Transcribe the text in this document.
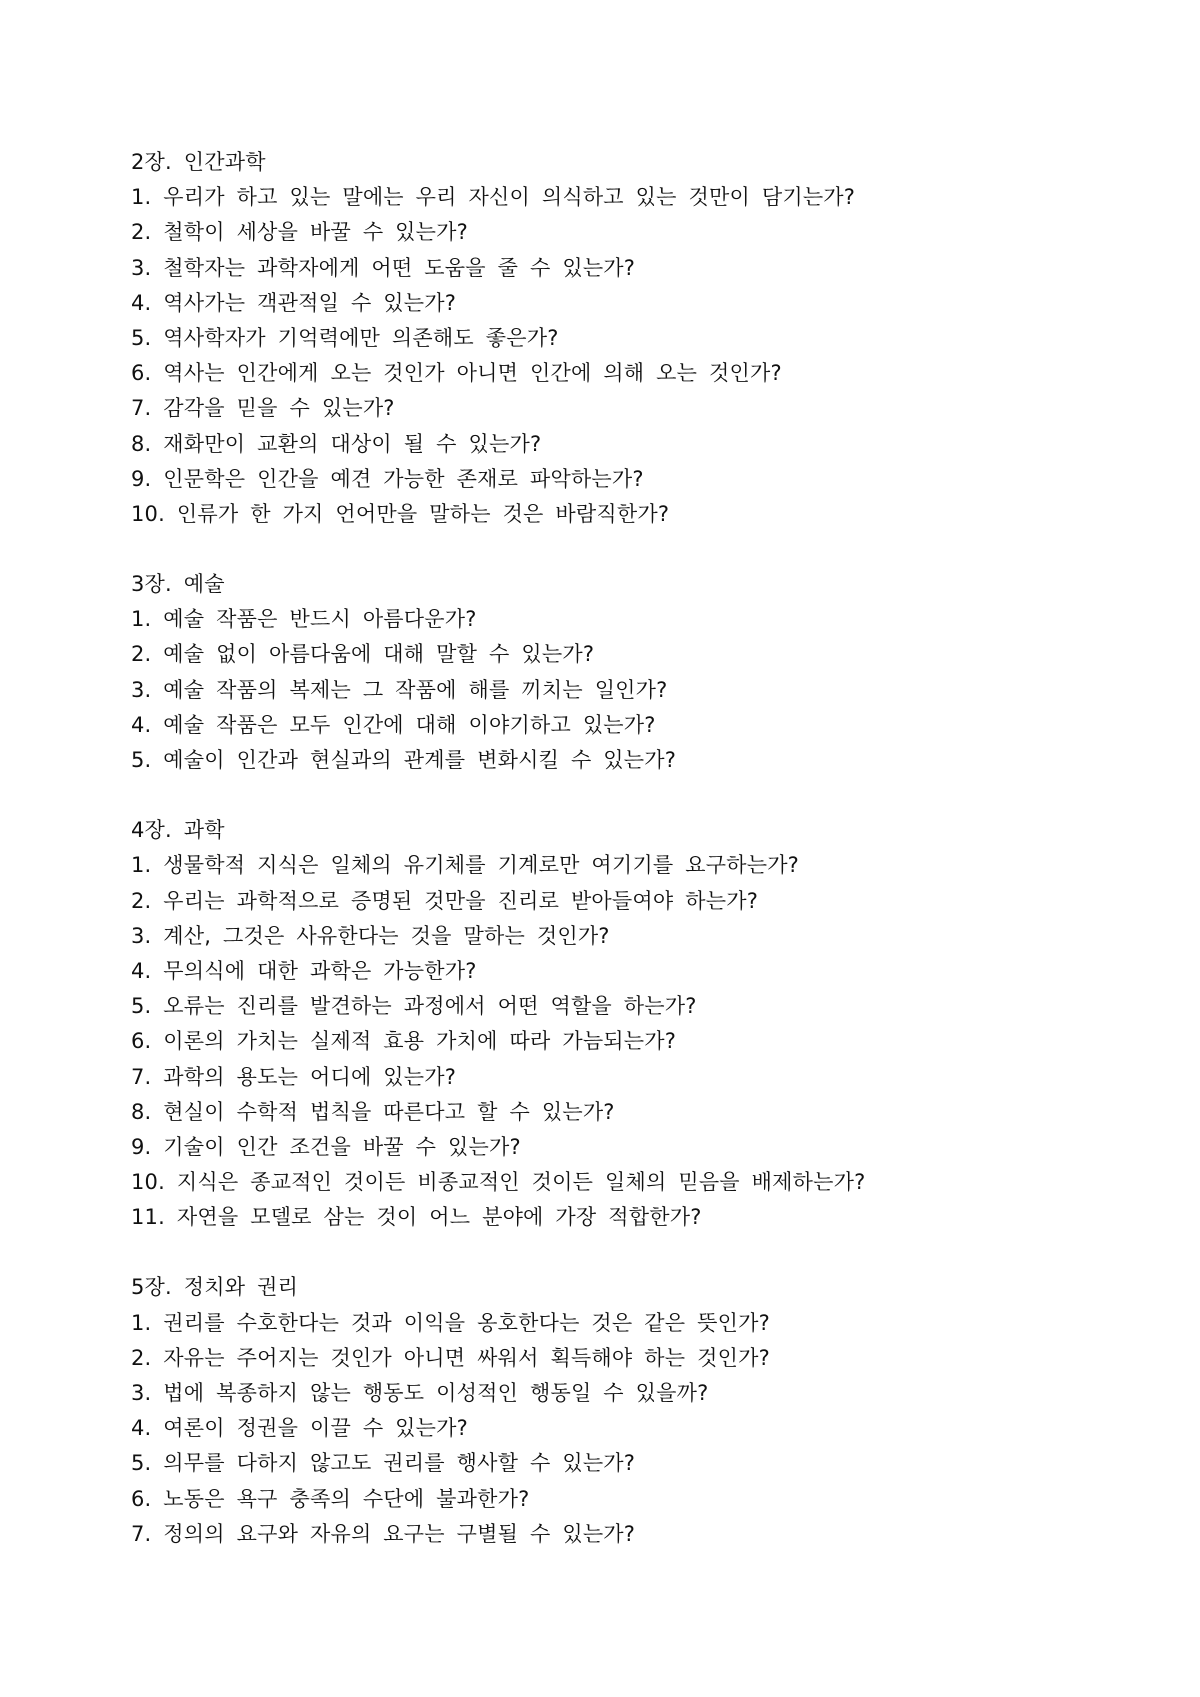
2장. 인간과학
1. 우리가 하고 있는 말에는 우리 자신이 의식하고 있는 것만이 담기는가?
2. 철학이 세상을 바꿀 수 있는가?
3. 철학자는 과학자에게 어떤 도움을 줄 수 있는가?
4. 역사가는 객관적일 수 있는가?
5. 역사학자가 기억력에만 의존해도 좋은가?
6. 역사는 인간에게 오는 것인가 아니면 인간에 의해 오는 것인가?
7. 감각을 믿을 수 있는가?
8. 재화만이 교환의 대상이 될 수 있는가?
9. 인문학은 인간을 예견 가능한 존재로 파악하는가?
10. 인류가 한 가지 언어만을 말하는 것은 바람직한가?
3장. 예술
1. 예술 작품은 반드시 아름다운가?
2. 예술 없이 아름다움에 대해 말할 수 있는가?
3. 예술 작품의 복제는 그 작품에 해를 끼치는 일인가?
4. 예술 작품은 모두 인간에 대해 이야기하고 있는가?
5. 예술이 인간과 현실과의 관계를 변화시킬 수 있는가?
4장. 과학
1. 생물학적 지식은 일체의 유기체를 기계로만 여기기를 요구하는가?
2. 우리는 과학적으로 증명된 것만을 진리로 받아들여야 하는가?
3. 계산, 그것은 사유한다는 것을 말하는 것인가?
4. 무의식에 대한 과학은 가능한가?
5. 오류는 진리를 발견하는 과정에서 어떤 역할을 하는가?
6. 이론의 가치는 실제적 효용 가치에 따라 가늠되는가?
7. 과학의 용도는 어디에 있는가?
8. 현실이 수학적 법칙을 따른다고 할 수 있는가?
9. 기술이 인간 조건을 바꿀 수 있는가?
10. 지식은 종교적인 것이든 비종교적인 것이든 일체의 믿음을 배제하는가?
11. 자연을 모델로 삼는 것이 어느 분야에 가장 적합한가?
5장. 정치와 권리
1. 권리를 수호한다는 것과 이익을 옹호한다는 것은 같은 뜻인가?
2. 자유는 주어지는 것인가 아니면 싸워서 획득해야 하는 것인가?
3. 법에 복종하지 않는 행동도 이성적인 행동일 수 있을까?
4. 여론이 정권을 이끌 수 있는가?
5. 의무를 다하지 않고도 권리를 행사할 수 있는가?
6. 노동은 욕구 충족의 수단에 불과한가?
7. 정의의 요구와 자유의 요구는 구별될 수 있는가?
